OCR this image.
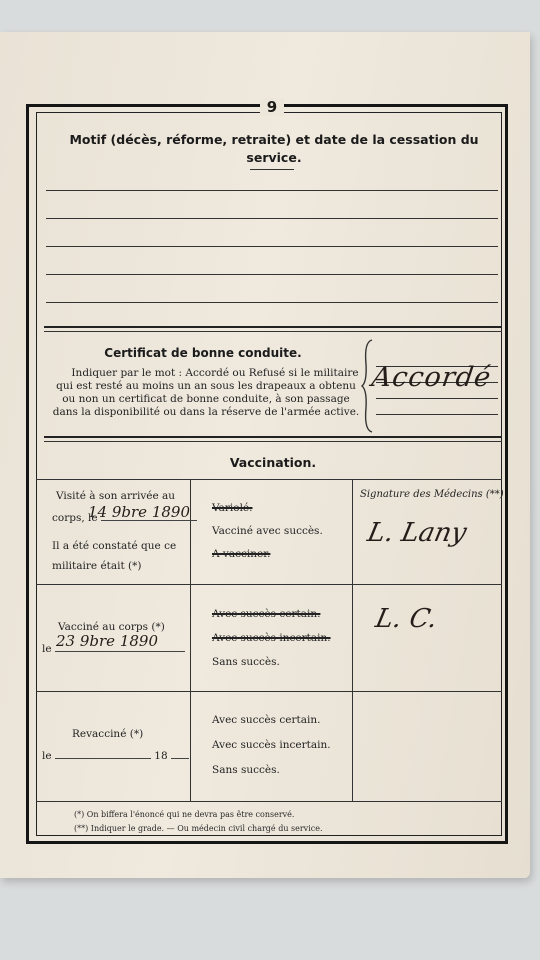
9
Motif (décès, réforme, retraite) et date de la cessation du service.
Certificat de bonne conduite.
Indiquer par le mot : Accordé ou Refusé si le militaire
qui est resté au moins un an sous les drapeaux a obtenu
ou non un certificat de bonne conduite, à son passage
dans la disponibilité ou dans la réserve de l'armée active.
Accordé
Vaccination.
Signature des Médecins (**)
Visité à son arrivée au
corps, le
14 9bre 1890
Il a été constaté que ce
militaire était (*)
Variolé.
Vacciné avec succès.
A vacciner.
L. Lany
Vacciné au corps (*)
le 23 9bre 1890
Avec succès certain.
Avec succès incertain.
Sans succès.
L. C.
Revacciné (*)
le	18
Avec succès certain.
Avec succès incertain.
Sans succès.
(*) On biffera l'énoncé qui ne devra pas être conservé.
(**) Indiquer le grade. — Ou médecin civil chargé du service.
